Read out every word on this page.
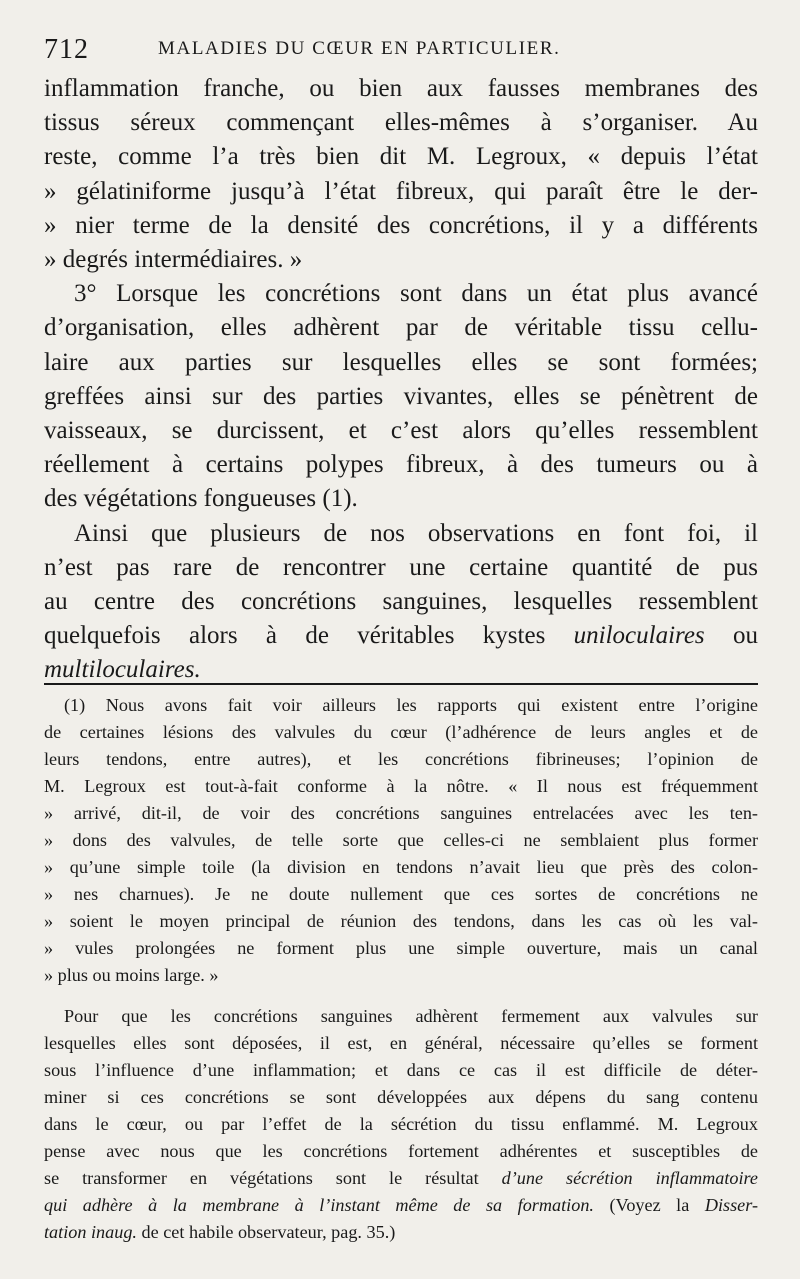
712	MALADIES DU CŒUR EN PARTICULIER.

inflammation franche, ou bien aux fausses membranes des
tissus séreux commençant elles-mêmes à s’organiser. Au
reste, comme l’a très bien dit M. Legroux, « depuis l’état
» gélatiniforme jusqu’à l’état fibreux, qui paraît être le der-
» nier terme de la densité des concrétions, il y a différents
» degrés intermédiaires. »

3° Lorsque les concrétions sont dans un état plus avancé
d’organisation, elles adhèrent par de véritable tissu cellu-
laire aux parties sur lesquelles elles se sont formées;
greffées ainsi sur des parties vivantes, elles se pénètrent de
vaisseaux, se durcissent, et c’est alors qu’elles ressemblent
réellement à certains polypes fibreux, à des tumeurs ou à
des végétations fongueuses (1).

Ainsi que plusieurs de nos observations en font foi, il
n’est pas rare de rencontrer une certaine quantité de pus
au centre des concrétions sanguines, lesquelles ressemblent
quelquefois alors à de véritables kystes uniloculaires ou
multiloculaires.

(1) Nous avons fait voir ailleurs les rapports qui existent entre l’origine
de certaines lésions des valvules du cœur (l’adhérence de leurs angles et de
leurs tendons, entre autres), et les concrétions fibrineuses; l’opinion de
M. Legroux est tout-à-fait conforme à la nôtre. « Il nous est fréquemment
» arrivé, dit-il, de voir des concrétions sanguines entrelacées avec les ten-
» dons des valvules, de telle sorte que celles-ci ne semblaient plus former
» qu’une simple toile (la division en tendons n’avait lieu que près des colon-
» nes charnues). Je ne doute nullement que ces sortes de concrétions ne
» soient le moyen principal de réunion des tendons, dans les cas où les val-
» vules prolongées ne forment plus une simple ouverture, mais un canal
» plus ou moins large. »
Pour que les concrétions sanguines adhèrent fermement aux valvules sur
lesquelles elles sont déposées, il est, en général, nécessaire qu’elles se forment
sous l’influence d’une inflammation; et dans ce cas il est difficile de déter-
miner si ces concrétions se sont développées aux dépens du sang contenu
dans le cœur, ou par l’effet de la sécrétion du tissu enflammé. M. Legroux
pense avec nous que les concrétions fortement adhérentes et susceptibles de
se transformer en végétations sont le résultat d’une sécrétion inflammatoire
qui adhère à la membrane à l’instant même de sa formation. (Voyez la Disser-
tation inaug. de cet habile observateur, pag. 35.)
